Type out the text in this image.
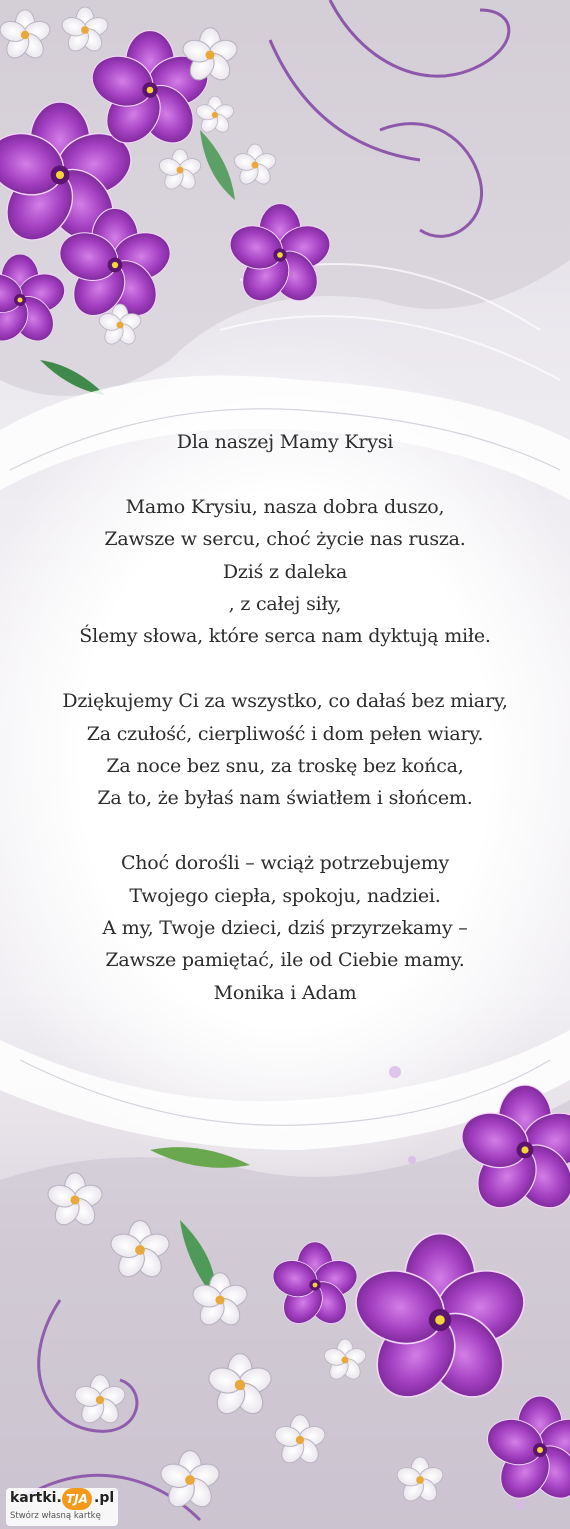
Dla naszej Mamy Krysi
Mamo Krysiu, nasza dobra duszo,
Zawsze w sercu, choć życie nas rusza.
Dziś z daleka
, z całej siły,
Ślemy słowa, które serca nam dyktują miłe.
Dziękujemy Ci za wszystko, co dałaś bez miary,
Za czułość, cierpliwość i dom pełen wiary.
Za noce bez snu, za troskę bez końca,
Za to, że byłaś nam światłem i słońcem.
Choć dorośli – wciąż potrzebujemy
Twojego ciepła, spokoju, nadziei.
A my, Twoje dzieci, dziś przyrzekamy –
Zawsze pamiętać, ile od Ciebie mamy.
Monika i Adam
kartki. TJA .pl
Stwórz własną kartkę
